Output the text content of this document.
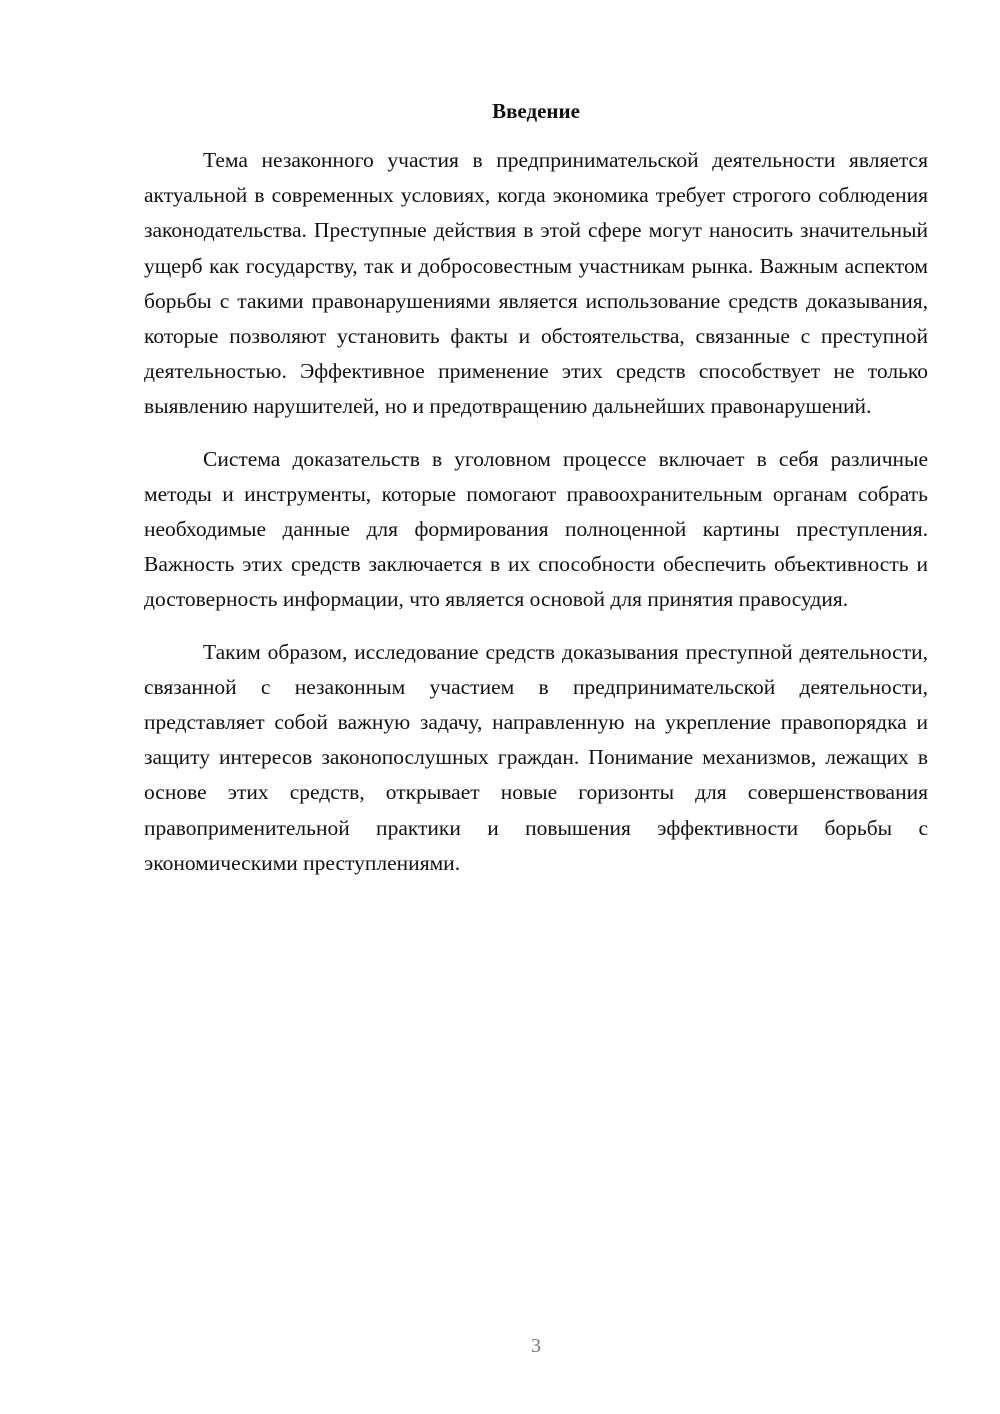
Введение

Тема незаконного участия в предпринимательской деятельности является актуальной в современных условиях, когда экономика требует строгого соблюдения законодательства. Преступные действия в этой сфере могут наносить значительный ущерб как государству, так и добросовестным участникам рынка. Важным аспектом борьбы с такими правонарушениями является использование средств доказывания, которые позволяют установить факты и обстоятельства, связанные с преступной деятельностью. Эффективное применение этих средств способствует не только выявлению нарушителей, но и предотвращению дальнейших правонарушений.

Система доказательств в уголовном процессе включает в себя различные методы и инструменты, которые помогают правоохранительным органам собрать необходимые данные для формирования полноценной картины преступления. Важность этих средств заключается в их способности обеспечить объективность и достоверность информации, что является основой для принятия правосудия.

Таким образом, исследование средств доказывания преступной деятельности, связанной с незаконным участием в предпринимательской деятельности, представляет собой важную задачу, направленную на укрепление правопорядка и защиту интересов законопослушных граждан. Понимание механизмов, лежащих в основе этих средств, открывает новые горизонты для совершенствования правоприменительной практики и повышения эффективности борьбы с экономическими преступлениями.

3
